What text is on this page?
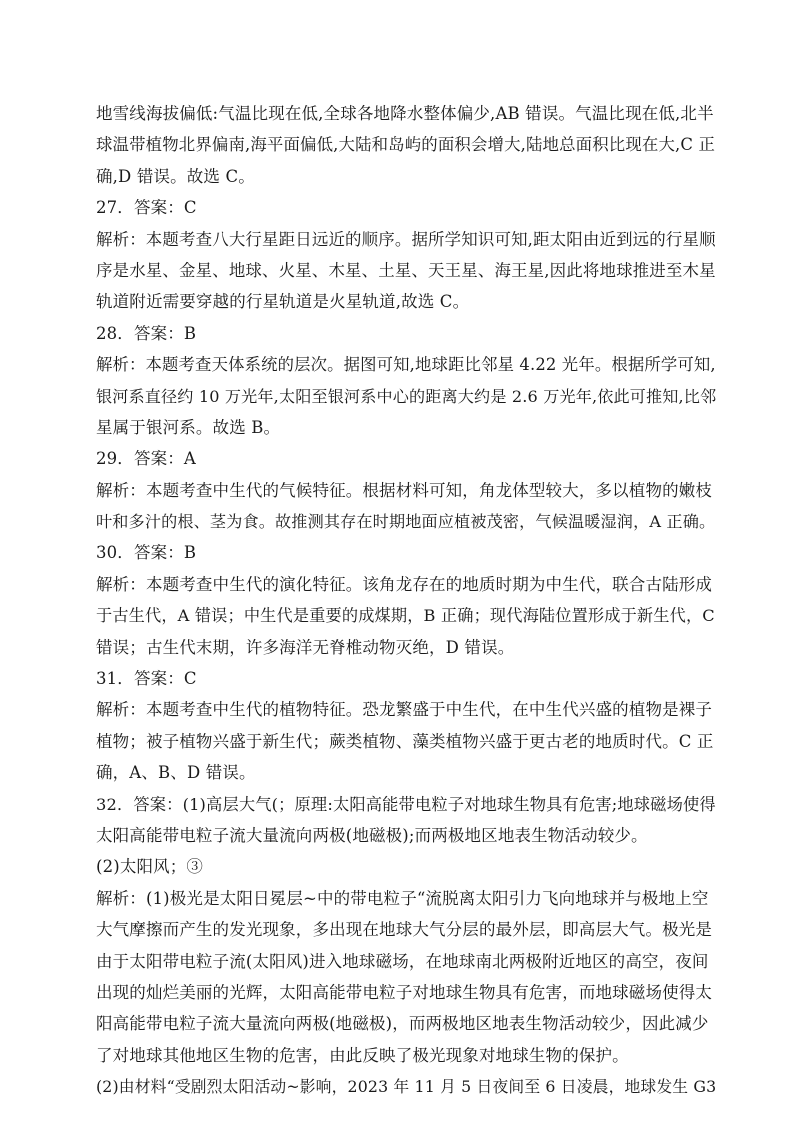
地雪线海拔偏低:气温比现在低,全球各地降水整体偏少,AB 错误。气温比现在低,北半
球温带植物北界偏南,海平面偏低,大陆和岛屿的面积会增大,陆地总面积比现在大,C 正
确,D 错误。故选 C。
27．答案：C
解析：本题考查八大行星距日远近的顺序。据所学知识可知,距太阳由近到远的行星顺
序是水星、金星、地球、火星、木星、土星、天王星、海王星,因此将地球推进至木星
轨道附近需要穿越的行星轨道是火星轨道,故选 C。
28．答案：B
解析：本题考查天体系统的层次。据图可知,地球距比邻星 4.22 光年。根据所学可知,
银河系直径约 10 万光年,太阳至银河系中心的距离大约是 2.6 万光年,依此可推知,比邻
星属于银河系。故选 B。
29．答案：A
解析：本题考查中生代的气候特征。根据材料可知，角龙体型较大，多以植物的嫩枝
叶和多汁的根、茎为食。故推测其存在时期地面应植被茂密，气候温暖湿润，A 正确。
30．答案：B
解析：本题考查中生代的演化特征。该角龙存在的地质时期为中生代，联合古陆形成
于古生代，A 错误；中生代是重要的成煤期，B 正确；现代海陆位置形成于新生代，C
错误；古生代末期，许多海洋无脊椎动物灭绝，D 错误。
31．答案：C
解析：本题考查中生代的植物特征。恐龙繁盛于中生代，在中生代兴盛的植物是裸子
植物；被子植物兴盛于新生代；蕨类植物、藻类植物兴盛于更古老的地质时代。C 正
确，A、B、D 错误。
32．答案：(1)高层大气(；原理:太阳高能带电粒子对地球生物具有危害;地球磁场使得
太阳高能带电粒子流大量流向两极(地磁极);而两极地区地表生物活动较少。
(2)太阳风；③
解析：(1)极光是太阳日冕层~中的带电粒子“流脱离太阳引力飞向地球并与极地上空
大气摩擦而产生的发光现象，多出现在地球大气分层的最外层，即高层大气。极光是
由于太阳带电粒子流(太阳风)进入地球磁场，在地球南北两极附近地区的高空，夜间
出现的灿烂美丽的光辉，太阳高能带电粒子对地球生物具有危害，而地球磁场使得太
阳高能带电粒子流大量流向两极(地磁极)，而两极地区地表生物活动较少，因此减少
了对地球其他地区生物的危害，由此反映了极光现象对地球生物的保护。
(2)由材料“受剧烈太阳活动~影响，2023 年 11 月 5 日夜间至 6 日凌晨，地球发生 G3
